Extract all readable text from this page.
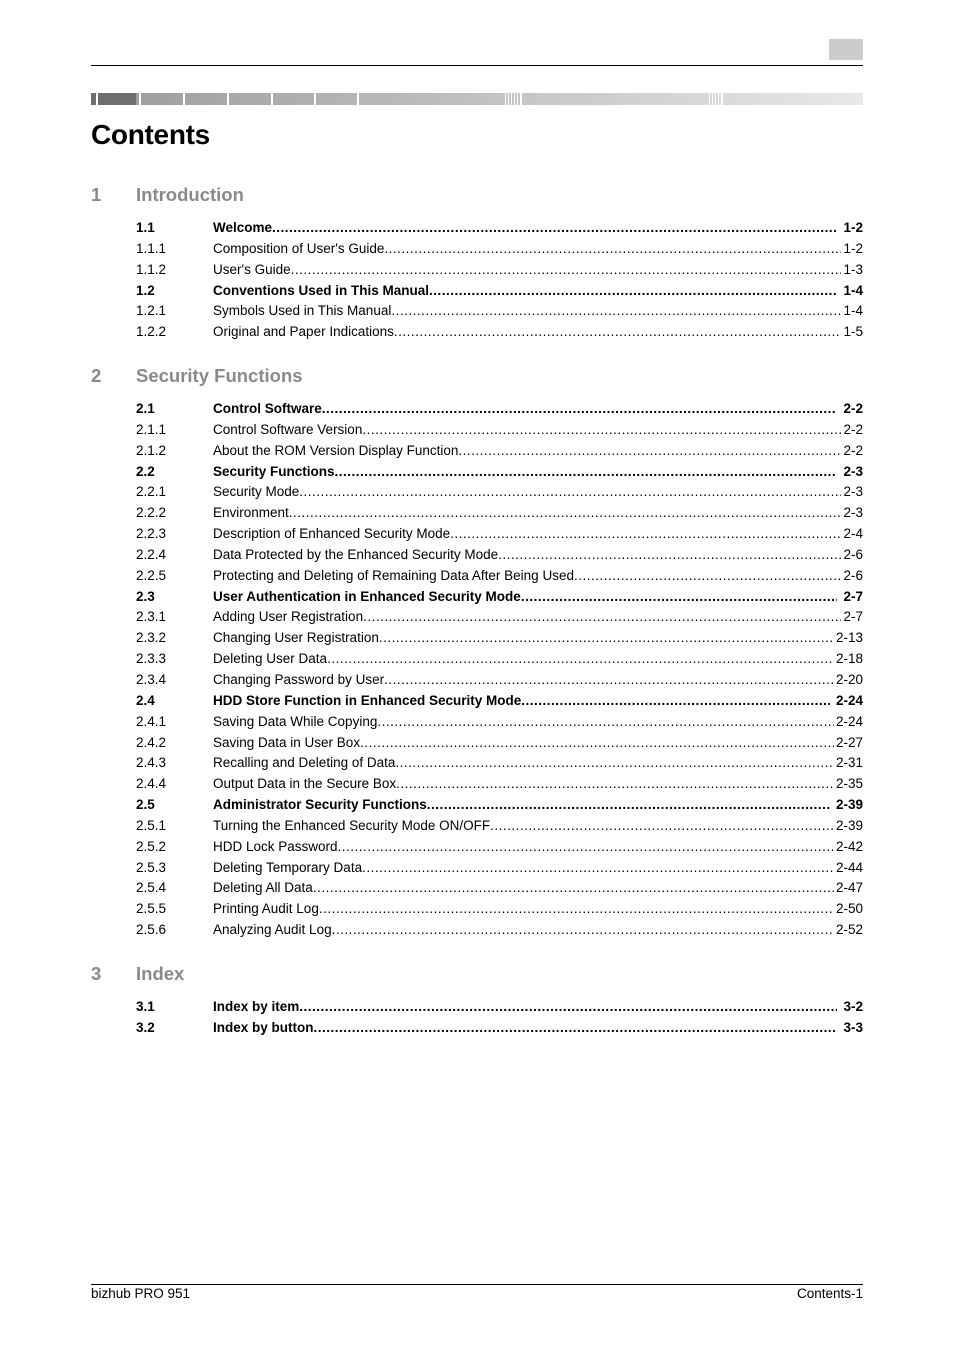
Contents
1 Introduction
1.1	Welcome .....	1-2
1.1.1	Composition of User's Guide .....	1-2
1.1.2	User's Guide .....	1-3
1.2	Conventions Used in This Manual .....	1-4
1.2.1	Symbols Used in This Manual .....	1-4
1.2.2	Original and Paper Indications .....	1-5
2 Security Functions
2.1	Control Software .....	2-2
2.1.1	Control Software Version .....	2-2
2.1.2	About the ROM Version Display Function .....	2-2
2.2	Security Functions .....	2-3
2.2.1	Security Mode .....	2-3
2.2.2	Environment .....	2-3
2.2.3	Description of Enhanced Security Mode .....	2-4
2.2.4	Data Protected by the Enhanced Security Mode .....	2-6
2.2.5	Protecting and Deleting of Remaining Data After Being Used .....	2-6
2.3	User Authentication in Enhanced Security Mode .....	2-7
2.3.1	Adding User Registration .....	2-7
2.3.2	Changing User Registration .....	2-13
2.3.3	Deleting User Data .....	2-18
2.3.4	Changing Password by User .....	2-20
2.4	HDD Store Function in Enhanced Security Mode .....	2-24
2.4.1	Saving Data While Copying .....	2-24
2.4.2	Saving Data in User Box .....	2-27
2.4.3	Recalling and Deleting of Data .....	2-31
2.4.4	Output Data in the Secure Box .....	2-35
2.5	Administrator Security Functions .....	2-39
2.5.1	Turning the Enhanced Security Mode ON/OFF .....	2-39
2.5.2	HDD Lock Password .....	2-42
2.5.3	Deleting Temporary Data .....	2-44
2.5.4	Deleting All Data .....	2-47
2.5.5	Printing Audit Log .....	2-50
2.5.6	Analyzing Audit Log .....	2-52
3 Index
3.1	Index by item .....	3-2
3.2	Index by button .....	3-3
bizhub PRO 951	Contents-1
